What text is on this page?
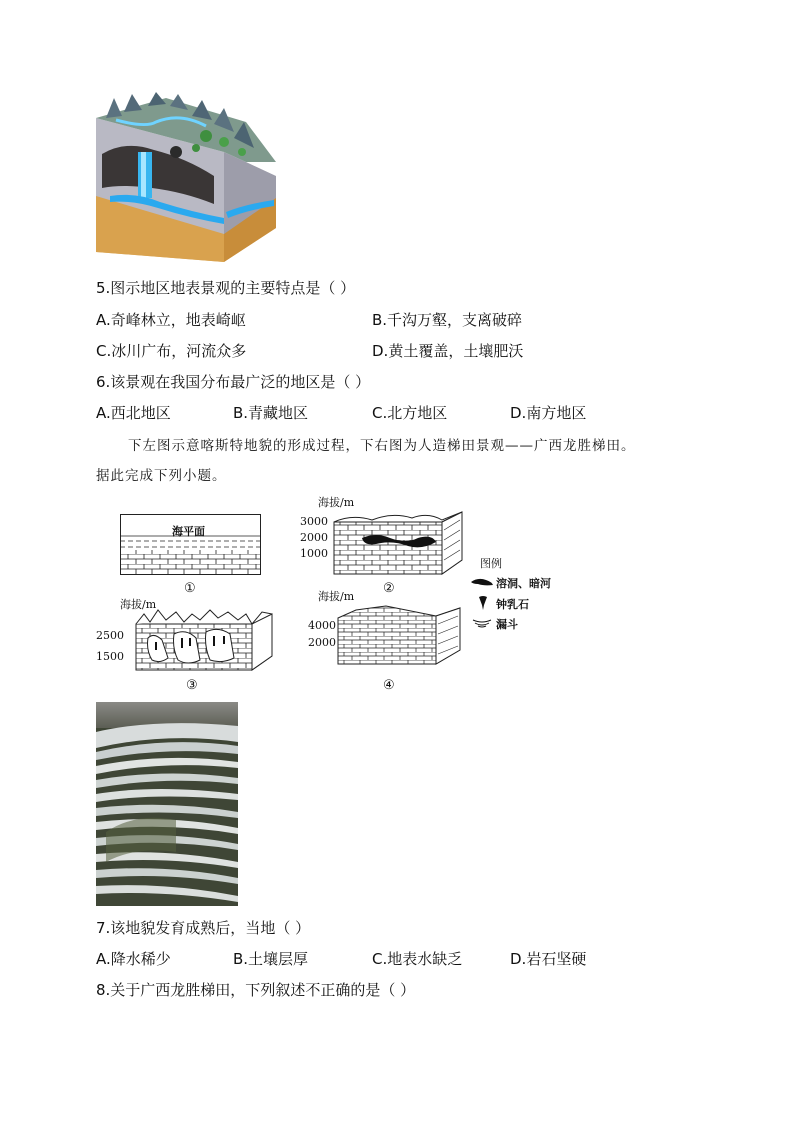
5.图示地区地表景观的主要特点是（ ）
A.奇峰林立，地表崎岖	B.千沟万壑，支离破碎
C.冰川广布，河流众多	D.黄土覆盖，土壤肥沃
6.该景观在我国分布最广泛的地区是（ ）
A.西北地区	B.青藏地区	C.北方地区	D.南方地区
下左图示意喀斯特地貌的形成过程，下右图为人造梯田景观——广西龙胜梯田。
据此完成下列小题。
海平面
①
海拔/m
3000
2000
1000
②
图例
溶洞、暗河
钟乳石
漏斗
海拔/m
2500
1500
③
海拔/m
4000
2000
④
7.该地貌发育成熟后，当地（ ）
A.降水稀少	B.土壤层厚	C.地表水缺乏	D.岩石坚硬
8.关于广西龙胜梯田，下列叙述不正确的是（ ）
